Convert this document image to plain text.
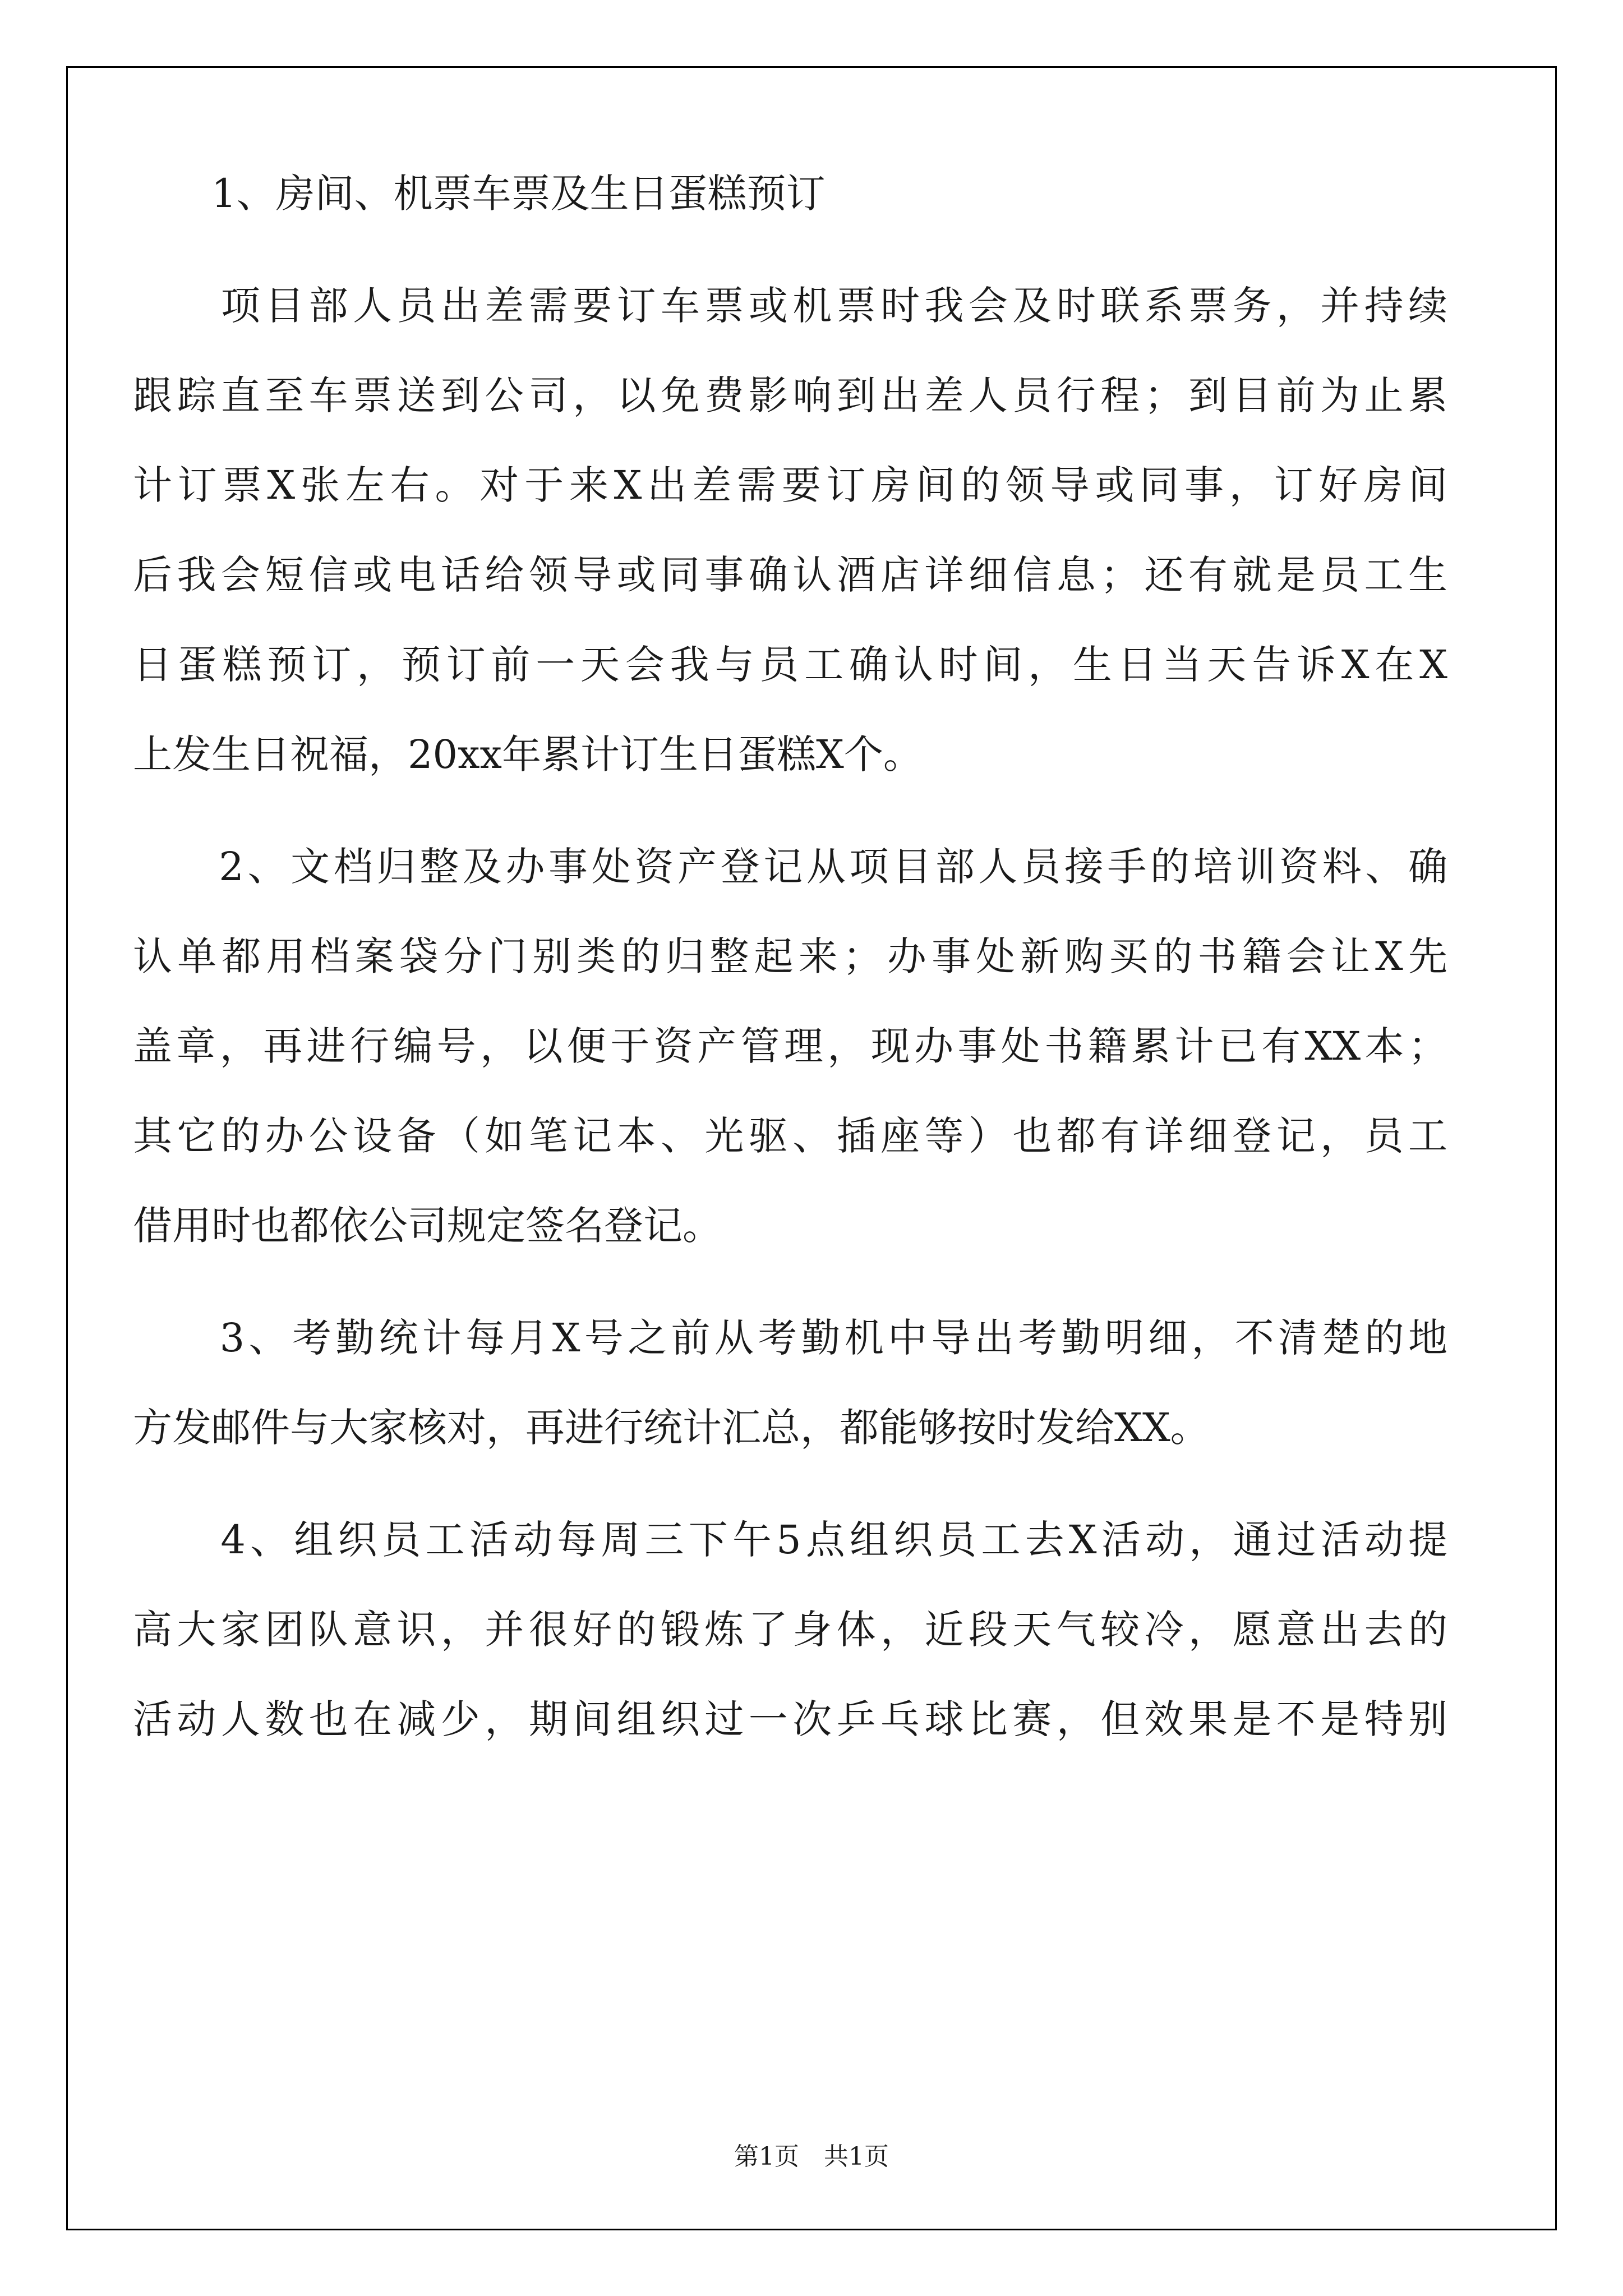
　　1、房间、机票车票及生日蛋糕预订
　　项目部人员出差需要订车票或机票时我会及时联系票务，并持续
跟踪直至车票送到公司，以免费影响到出差人员行程；到目前为止累
计订票X张左右。对于来X出差需要订房间的领导或同事，订好房间
后我会短信或电话给领导或同事确认酒店详细信息；还有就是员工生
日蛋糕预订，预订前一天会我与员工确认时间，生日当天告诉X在X
上发生日祝福，20xx年累计订生日蛋糕X个。
　　2、文档归整及办事处资产登记从项目部人员接手的培训资料、确
认单都用档案袋分门别类的归整起来；办事处新购买的书籍会让X先
盖章，再进行编号，以便于资产管理，现办事处书籍累计已有XX本；
其它的办公设备（如笔记本、光驱、插座等）也都有详细登记，员工
借用时也都依公司规定签名登记。
　　3、考勤统计每月X号之前从考勤机中导出考勤明细，不清楚的地
方发邮件与大家核对，再进行统计汇总，都能够按时发给XX。
　　4、组织员工活动每周三下午5点组织员工去X活动，通过活动提
高大家团队意识，并很好的锻炼了身体，近段天气较冷，愿意出去的
活动人数也在减少，期间组织过一次乒乓球比赛，但效果是不是特别
第1页　共1页
